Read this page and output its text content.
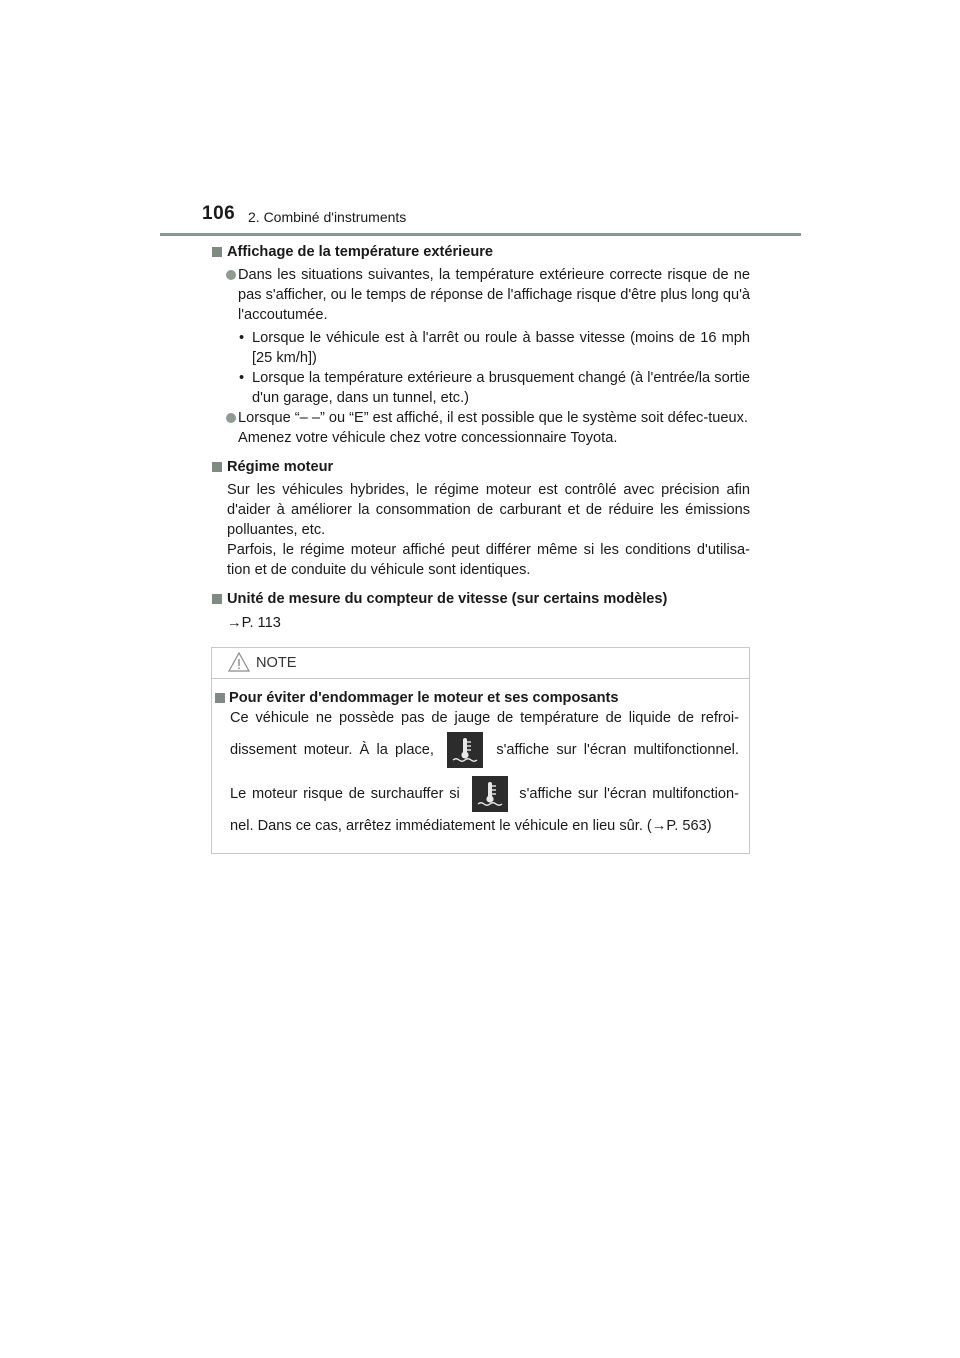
106 2. Combiné d'instruments
Affichage de la température extérieure
Dans les situations suivantes, la température extérieure correcte risque de ne pas s'afficher, ou le temps de réponse de l'affichage risque d'être plus long qu'à l'accoutumée.
• Lorsque le véhicule est à l'arrêt ou roule à basse vitesse (moins de 16 mph [25 km/h])
• Lorsque la température extérieure a brusquement changé (à l'entrée/la sortie d'un garage, dans un tunnel, etc.)
Lorsque “– –” ou “E” est affiché, il est possible que le système soit défec-tueux.
Amenez votre véhicule chez votre concessionnaire Toyota.
Régime moteur
Sur les véhicules hybrides, le régime moteur est contrôlé avec précision afin d'aider à améliorer la consommation de carburant et de réduire les émissions polluantes, etc.
Parfois, le régime moteur affiché peut différer même si les conditions d'utilisa-tion et de conduite du véhicule sont identiques.
Unité de mesure du compteur de vitesse (sur certains modèles)
→P. 113
NOTE
Pour éviter d'endommager le moteur et ses composants
Ce véhicule ne possède pas de jauge de température de liquide de refroi-
dissement moteur. À la place,	s'affiche sur l'écran multifonctionnel.
Le moteur risque de surchauffer si	s'affiche sur l'écran multifonction-
nel. Dans ce cas, arrêtez immédiatement le véhicule en lieu sûr. (→P. 563)
